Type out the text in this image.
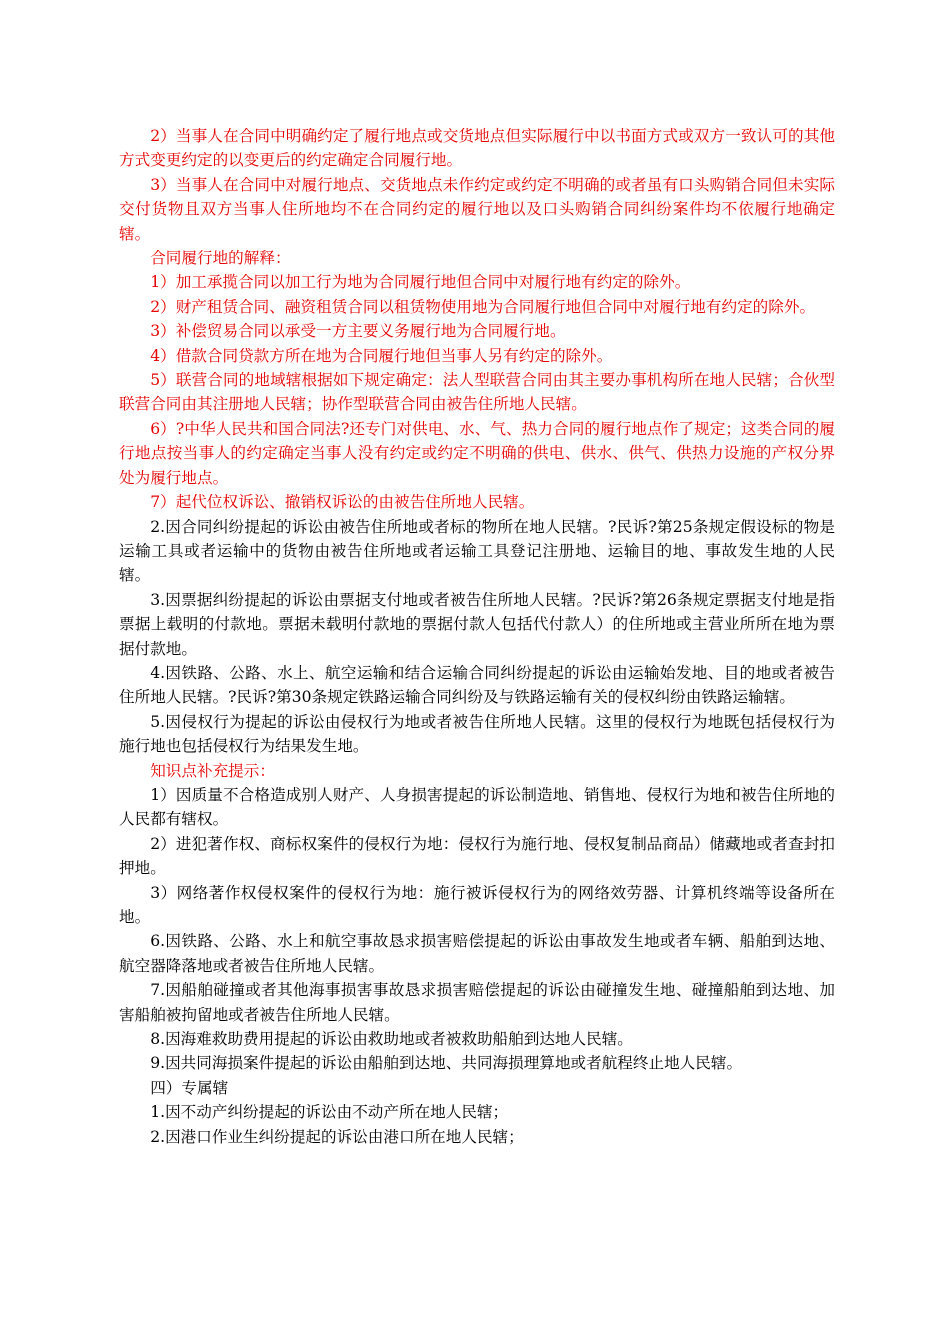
2）当事人在合同中明确约定了履行地点或交货地点但实际履行中以书面方式或双方一致认可的其他方式变更约定的以变更后的约定确定合同履行地。

3）当事人在合同中对履行地点、交货地点未作约定或约定不明确的或者虽有口头购销合同但未实际交付货物且双方当事人住所地均不在合同约定的履行地以及口头购销合同纠纷案件均不依履行地确定辖。

合同履行地的解释：

1）加工承揽合同以加工行为地为合同履行地但合同中对履行地有约定的除外。

2）财产租赁合同、融资租赁合同以租赁物使用地为合同履行地但合同中对履行地有约定的除外。

3）补偿贸易合同以承受一方主要义务履行地为合同履行地。

4）借款合同贷款方所在地为合同履行地但当事人另有约定的除外。

5）联营合同的地域辖根据如下规定确定：法人型联营合同由其主要办事机构所在地人民辖；合伙型联营合同由其注册地人民辖；协作型联营合同由被告住所地人民辖。

6）?中华人民共和国合同法?还专门对供电、水、气、热力合同的履行地点作了规定；这类合同的履行地点按当事人的约定确定当事人没有约定或约定不明确的供电、供水、供气、供热力设施的产权分界处为履行地点。

7）起代位权诉讼、撤销权诉讼的由被告住所地人民辖。

2.因合同纠纷提起的诉讼由被告住所地或者标的物所在地人民辖。?民诉?第25条规定假设标的物是运输工具或者运输中的货物由被告住所地或者运输工具登记注册地、运输目的地、事故发生地的人民辖。

3.因票据纠纷提起的诉讼由票据支付地或者被告住所地人民辖。?民诉?第26条规定票据支付地是指票据上载明的付款地。票据未载明付款地的票据付款人包括代付款人）的住所地或主营业所所在地为票据付款地。

4.因铁路、公路、水上、航空运输和结合运输合同纠纷提起的诉讼由运输始发地、目的地或者被告住所地人民辖。?民诉?第30条规定铁路运输合同纠纷及与铁路运输有关的侵权纠纷由铁路运输辖。

5.因侵权行为提起的诉讼由侵权行为地或者被告住所地人民辖。这里的侵权行为地既包括侵权行为施行地也包括侵权行为结果发生地。

知识点补充提示：

1）因质量不合格造成别人财产、人身损害提起的诉讼制造地、销售地、侵权行为地和被告住所地的人民都有辖权。

2）进犯著作权、商标权案件的侵权行为地：侵权行为施行地、侵权复制品商品）储藏地或者查封扣押地。

3）网络著作权侵权案件的侵权行为地：施行被诉侵权行为的网络效劳器、计算机终端等设备所在地。

6.因铁路、公路、水上和航空事故恳求损害赔偿提起的诉讼由事故发生地或者车辆、船舶到达地、航空器降落地或者被告住所地人民辖。

7.因船舶碰撞或者其他海事损害事故恳求损害赔偿提起的诉讼由碰撞发生地、碰撞船舶到达地、加害船舶被拘留地或者被告住所地人民辖。

8.因海难救助费用提起的诉讼由救助地或者被救助船舶到达地人民辖。

9.因共同海损案件提起的诉讼由船舶到达地、共同海损理算地或者航程终止地人民辖。

四）专属辖

1.因不动产纠纷提起的诉讼由不动产所在地人民辖；

2.因港口作业生纠纷提起的诉讼由港口所在地人民辖；
